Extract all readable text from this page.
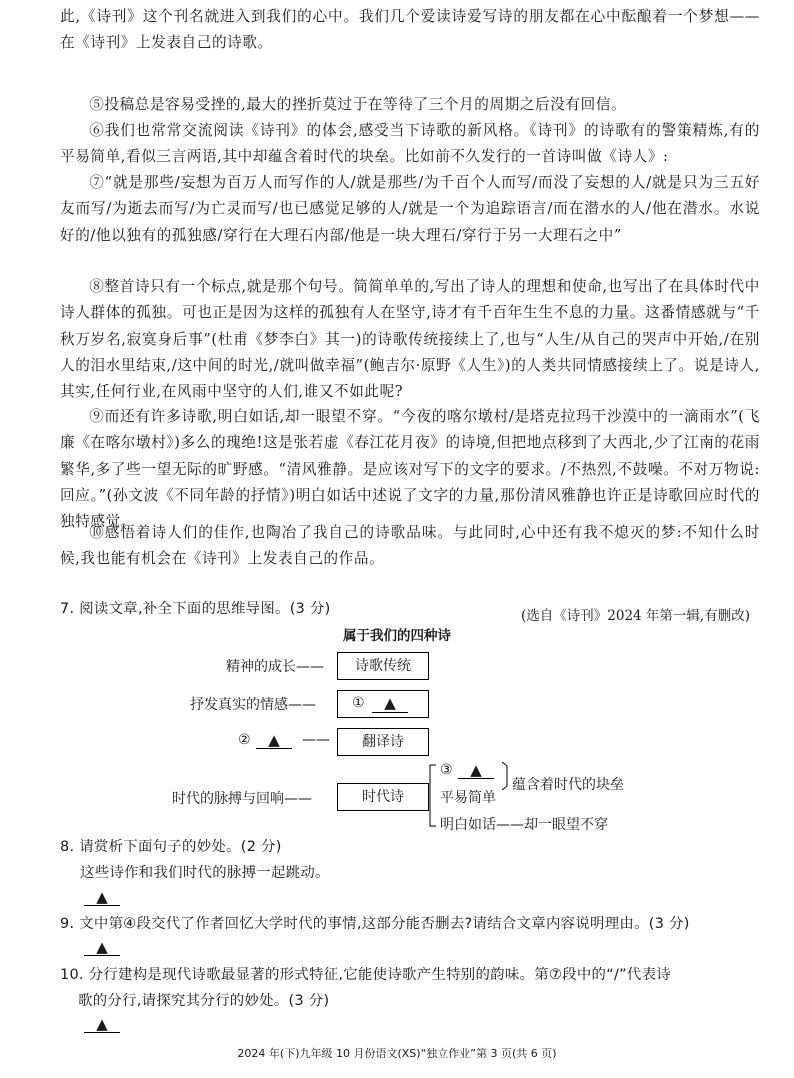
此,《诗刊》这个刊名就进入到我们的心中。我们几个爱读诗爱写诗的朋友都在心中酝酿着一个梦想——在《诗刊》上发表自己的诗歌。

⑤投稿总是容易受挫的,最大的挫折莫过于在等待了三个月的周期之后没有回信。

⑥我们也常常交流阅读《诗刊》的体会,感受当下诗歌的新风格。《诗刊》的诗歌有的警策精炼,有的平易简单,看似三言两语,其中却蕴含着时代的块垒。比如前不久发行的一首诗叫做《诗人》:

⑦“就是那些/妄想为百万人而写作的人/就是那些/为千百个人而写/而没了妄想的人/就是只为三五好友而写/为逝去而写/为亡灵而写/也已感觉足够的人/就是一个为追踪语言/而在潜水的人/他在潜水。水说好的/他以独有的孤独感/穿行在大理石内部/他是一块大理石/穿行于另一大理石之中”

⑧整首诗只有一个标点,就是那个句号。简简单单的,写出了诗人的理想和使命,也写出了在具体时代中诗人群体的孤独。可也正是因为这样的孤独有人在坚守,诗才有千百年生生不息的力量。这番情感就与“千秋万岁名,寂寞身后事”(杜甫《梦李白》其一)的诗歌传统接续上了,也与“人生/从自己的哭声中开始,/在别人的泪水里结束,/这中间的时光,/就叫做幸福”(鲍吉尔·原野《人生》)的人类共同情感接续上了。说是诗人,其实,任何行业,在风雨中坚守的人们,谁又不如此呢?

⑨而还有许多诗歌,明白如话,却一眼望不穿。“今夜的喀尔墩村/是塔克拉玛干沙漠中的一滴雨水”(飞廉《在喀尔墩村》)多么的瑰绝!这是张若虚《春江花月夜》的诗境,但把地点移到了大西北,少了江南的花雨繁华,多了些一望无际的旷野感。“清风雅静。是应该对写下的文字的要求。/不热烈,不鼓噪。不对万物说:回应。”(孙文波《不同年龄的抒情》)明白如话中述说了文字的力量,那份清风雅静也许正是诗歌回应时代的独特感觉。

⑩感悟着诗人们的佳作,也陶冶了我自己的诗歌品味。与此同时,心中还有我不熄灭的梦:不知什么时候,我也能有机会在《诗刊》上发表自己的作品。

(选自《诗刊》2024 年第一辑,有删改)

7. 阅读文章,补全下面的思维导图。(3 分)

属于我们的四种诗
精神的成长——	诗歌传统
抒发真实的情感——	①	▲
②	▲	——	翻译诗
时代的脉搏与回响——	时代诗
③	▲
平易简单
蕴含着时代的块垒
明白如话——却一眼望不穿

8. 请赏析下面句子的妙处。(2 分)

这些诗作和我们时代的脉搏一起跳动。

▲

9. 文中第④段交代了作者回忆大学时代的事情,这部分能否删去?请结合文章内容说明理由。(3 分)

▲

10. 分行建构是现代诗歌最显著的形式特征,它能使诗歌产生特别的韵味。第⑦段中的“/”代表诗

歌的分行,请探究其分行的妙处。(3 分)

▲
2024 年(下)九年级 10 月份语文(XS)“独立作业”第 3 页(共 6 页)
